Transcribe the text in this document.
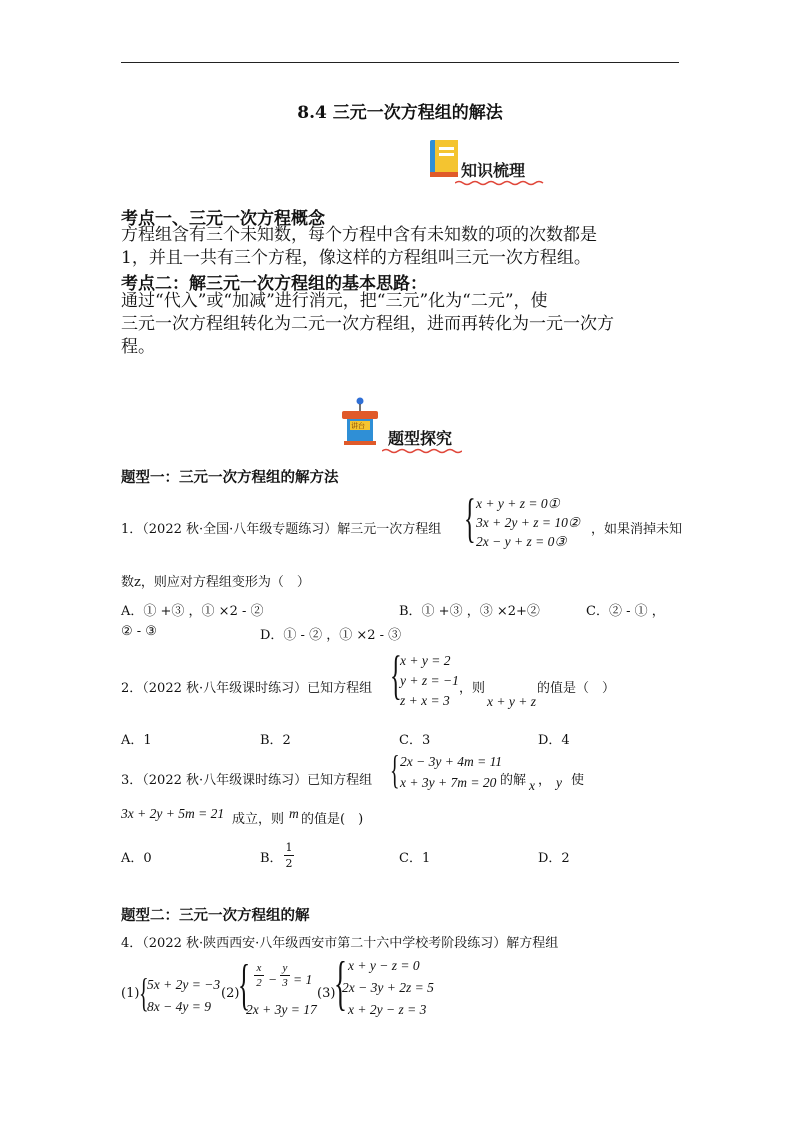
8.4 三元一次方程组的解法
知识梳理
考点一、三元一次方程概念
方程组含有三个未知数，每个方程中含有未知数的项的次数都是
1，并且一共有三个方程，像这样的方程组叫三元一次方程组。
考点二：解三元一次方程组的基本思路：
通过“代入”或“加减”进行消元，把“三元”化为“二元”，使
三元一次方程组转化为二元一次方程组，进而再转化为一元一次方
程。
讲台
题型探究
题型一：三元一次方程组的解方法
1．（2022 秋·全国·八年级专题练习）解三元一次方程组 { x + y + z = 0①
3x + 2y + z = 10②
2x − y + z = 0③
，如果消掉未知
数z，则应对方程组变形为（　）
A．① +③ ，① ×2 - ②	B．① +③ ，③ ×2+②	C．② - ① ，
② - ③	D．① - ② ，① ×2 - ③
2．（2022 秋·八年级课时练习）已知方程组 {
x + y = 2
y + z = −1
z + x = 3
，则
x + y + z
的值是（　）
A．1	B．2	C．3	D．4
3．（2022 秋·八年级课时练习）已知方程组 { 2x − 3y + 4m = 11
x + 3y + 7m = 20 的解 x ， y 使
3x + 2y + 5m = 21 成立，则 m 的值是(　)
A．0	B．
1
2	C．1	D．2
题型二：三元一次方程组的解
4．（2022 秋·陕西西安·八年级西安市第二十六中学校考阶段练习）解方程组
(1) {
5x + 2y = −3
8x − 4y = 9
(2)
{ x
2 −
y
3 = 1
2x + 3y = 17
(3)
{ x + y − z = 0
2x − 3y + 2z = 5
x + 2y − z = 3
